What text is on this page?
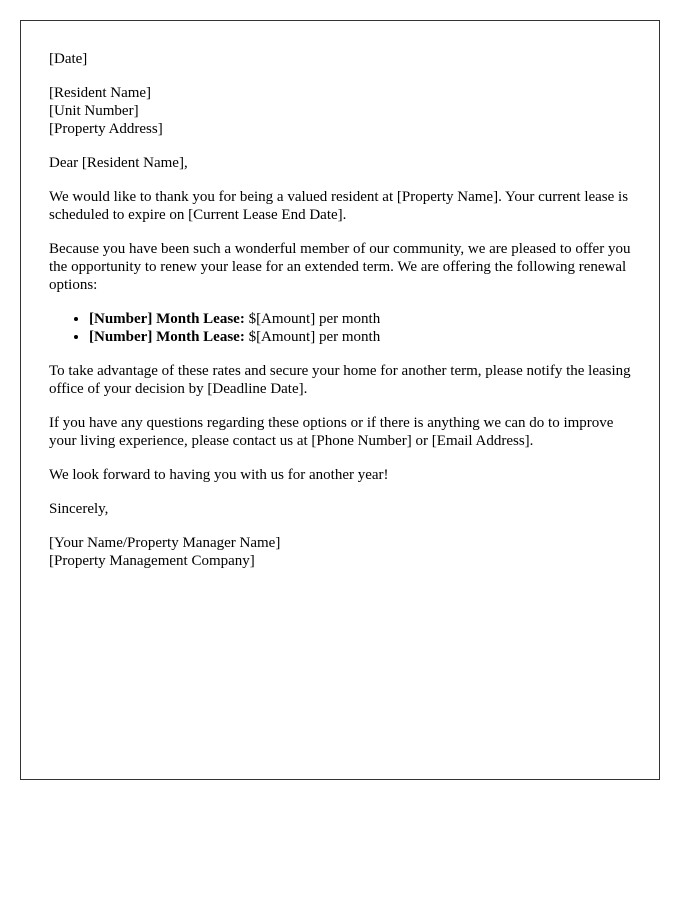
[Date]

[Resident Name]
[Unit Number]
[Property Address]

Dear [Resident Name],

We would like to thank you for being a valued resident at [Property Name]. Your current lease is scheduled to expire on [Current Lease End Date].

Because you have been such a wonderful member of our community, we are pleased to offer you the opportunity to renew your lease for an extended term. We are offering the following renewal options:

• [Number] Month Lease: $[Amount] per month
• [Number] Month Lease: $[Amount] per month

To take advantage of these rates and secure your home for another term, please notify the leasing office of your decision by [Deadline Date].

If you have any questions regarding these options or if there is anything we can do to improve your living experience, please contact us at [Phone Number] or [Email Address].

We look forward to having you with us for another year!

Sincerely,

[Your Name/Property Manager Name]
[Property Management Company]
